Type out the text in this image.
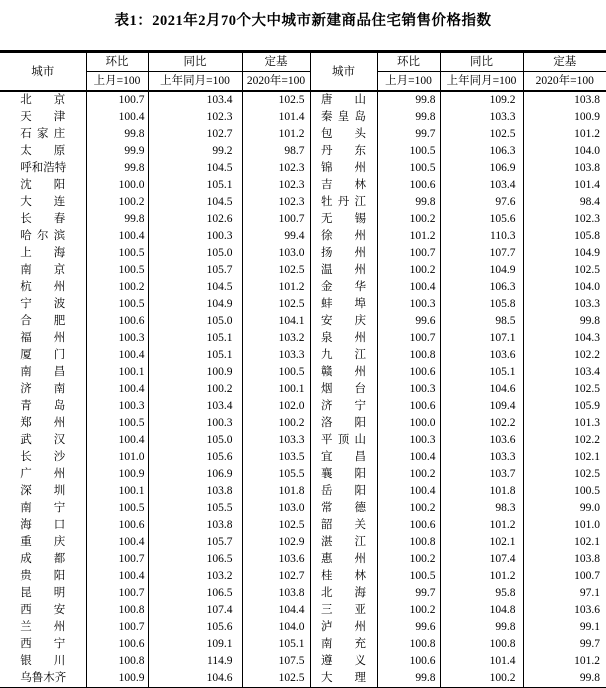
表1：2021年2月70个大中城市新建商品住宅销售价格指数
城市	环比	同比	定基	城市	环比	同比	定基
	上月=100	上年同月=100	2020年=100		上月=100	上年同月=100	2020年=100

北 京	100.7	103.4	102.5	唐 山	99.8	109.2	103.8

天 津	100.4	102.3	101.4	秦 皇 岛	99.8	103.3	100.9

石 家 庄	99.8	102.7	101.2	包 头	99.7	102.5	101.2

太 原	99.9	99.2	98.7	丹 东	100.5	106.3	104.0

呼 和 浩 特	99.8	104.5	102.3	锦 州	100.5	106.9	103.8

沈 阳	100.0	105.1	102.3	吉 林	100.6	103.4	101.4

大 连	100.2	104.5	102.3	牡 丹 江	99.8	97.6	98.4

长 春	99.8	102.6	100.7	无 锡	100.2	105.6	102.3

哈 尔 滨	100.4	100.3	99.4	徐 州	101.2	110.3	105.8

上 海	100.5	105.0	103.0	扬 州	100.7	107.7	104.9

南 京	100.5	105.7	102.5	温 州	100.2	104.9	102.5

杭 州	100.2	104.5	101.2	金 华	100.4	106.3	104.0

宁 波	100.5	104.9	102.5	蚌 埠	100.3	105.8	103.3

合 肥	100.6	105.0	104.1	安 庆	99.6	98.5	99.8

福 州	100.3	105.1	103.2	泉 州	100.7	107.1	104.3

厦 门	100.4	105.1	103.3	九 江	100.8	103.6	102.2

南 昌	100.1	100.9	100.5	赣 州	100.6	105.1	103.4

济 南	100.4	100.2	100.1	烟 台	100.3	104.6	102.5

青 岛	100.3	103.4	102.0	济 宁	100.6	109.4	105.9

郑 州	100.5	100.3	100.2	洛 阳	100.0	102.2	101.3

武 汉	100.4	105.0	103.3	平 顶 山	100.3	103.6	102.2

长 沙	101.0	105.6	103.5	宜 昌	100.4	103.3	102.1

广 州	100.9	106.9	105.5	襄 阳	100.2	103.7	102.5

深 圳	100.1	103.8	101.8	岳 阳	100.4	101.8	100.5

南 宁	100.5	105.5	103.0	常 德	100.2	98.3	99.0

海 口	100.6	103.8	102.5	韶 关	100.6	101.2	101.0

重 庆	100.4	105.7	102.9	湛 江	100.8	102.1	102.1

成 都	100.7	106.5	103.6	惠 州	100.2	107.4	103.8

贵 阳	100.4	103.2	102.7	桂 林	100.5	101.2	100.7

昆 明	100.7	106.5	103.8	北 海	99.7	95.8	97.1

西 安	100.8	107.4	104.4	三 亚	100.2	104.8	103.6

兰 州	100.7	105.6	104.0	泸 州	99.6	99.8	99.1

西 宁	100.6	109.1	105.1	南 充	100.8	100.8	99.7

银 川	100.8	114.9	107.5	遵 义	100.6	101.4	101.2

乌 鲁 木 齐	100.9	104.6	102.5	大 理	99.8	100.2	99.8
